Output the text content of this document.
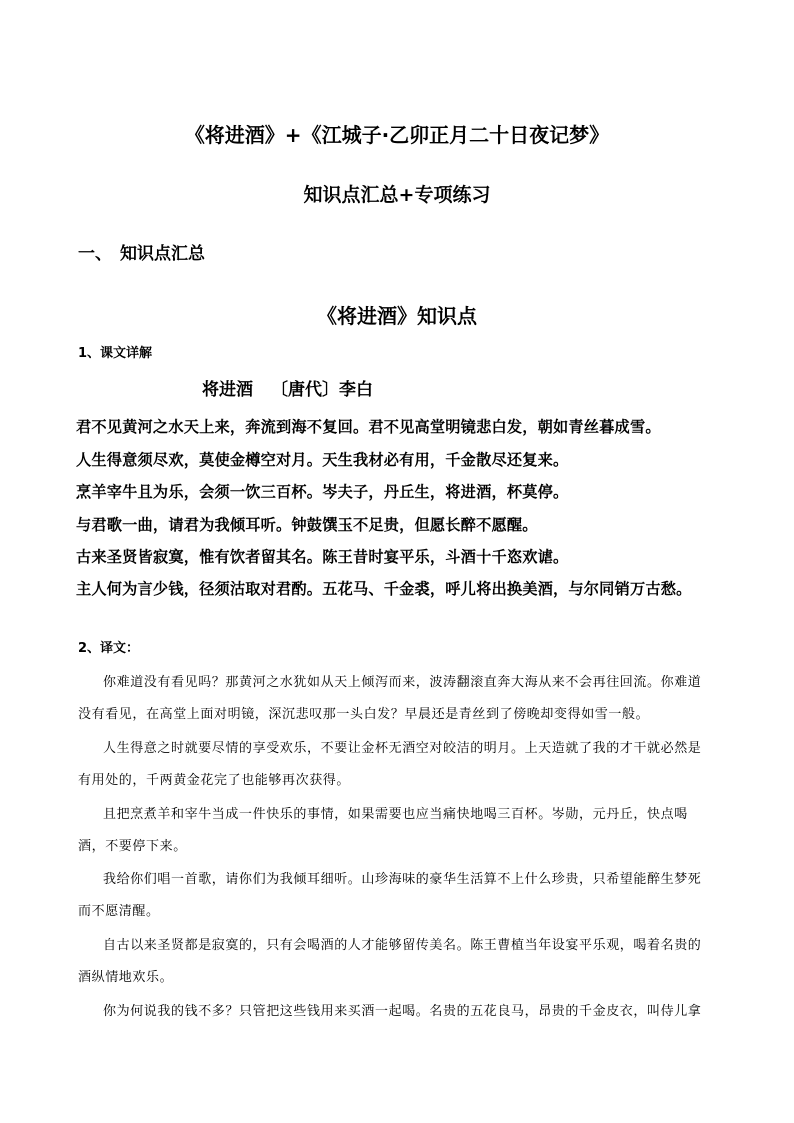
《将进酒》+《江城子·乙卯正月二十日夜记梦》
知识点汇总+专项练习
一、 知识点汇总
《将进酒》知识点
1、课文详解
将进酒 〔唐代〕李白
君不见黄河之水天上来，奔流到海不复回。君不见高堂明镜悲白发，朝如青丝暮成雪。
人生得意须尽欢，莫使金樽空对月。天生我材必有用，千金散尽还复来。
烹羊宰牛且为乐，会须一饮三百杯。岑夫子，丹丘生，将进酒，杯莫停。
与君歌一曲，请君为我倾耳听。钟鼓馔玉不足贵，但愿长醉不愿醒。
古来圣贤皆寂寞，惟有饮者留其名。陈王昔时宴平乐，斗酒十千恣欢谑。
主人何为言少钱，径须沽取对君酌。五花马、千金裘，呼儿将出换美酒，与尔同销万古愁。
2、译文：
你难道没有看见吗？那黄河之水犹如从天上倾泻而来，波涛翻滚直奔大海从来不会再往回流。你难道
没有看见，在高堂上面对明镜，深沉悲叹那一头白发？早晨还是青丝到了傍晚却变得如雪一般。
人生得意之时就要尽情的享受欢乐，不要让金杯无酒空对皎洁的明月。上天造就了我的才干就必然是
有用处的，千两黄金花完了也能够再次获得。
且把烹煮羊和宰牛当成一件快乐的事情，如果需要也应当痛快地喝三百杯。岑勋，元丹丘，快点喝
酒，不要停下来。
我给你们唱一首歌，请你们为我倾耳细听。山珍海味的豪华生活算不上什么珍贵，只希望能醉生梦死
而不愿清醒。
自古以来圣贤都是寂寞的，只有会喝酒的人才能够留传美名。陈王曹植当年设宴平乐观，喝着名贵的
酒纵情地欢乐。
你为何说我的钱不多？只管把这些钱用来买酒一起喝。名贵的五花良马，昂贵的千金皮衣，叫侍儿拿
